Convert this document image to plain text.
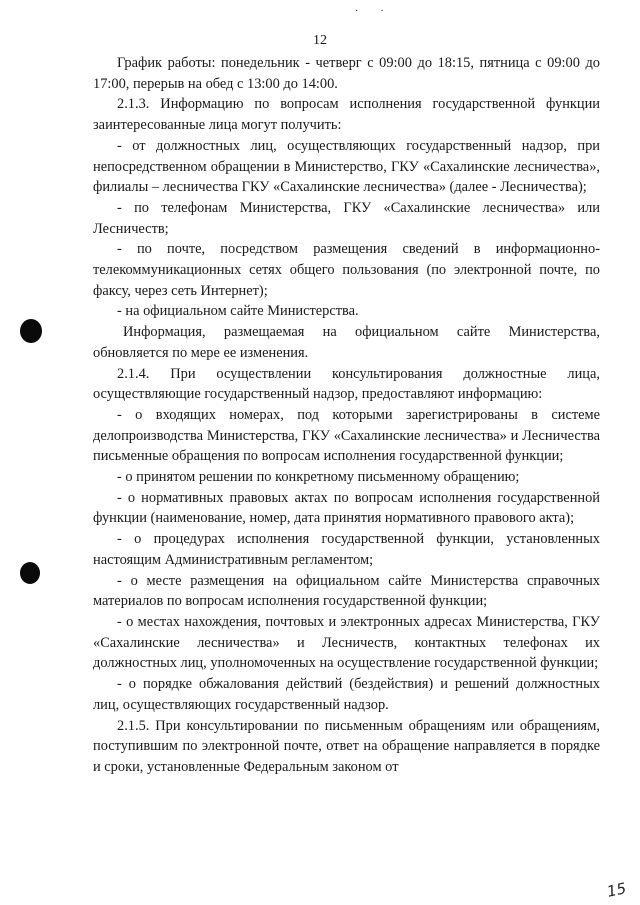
··
12

График работы: понедельник - четверг с 09:00 до 18:15, пятница с 09:00 до 17:00, перерыв на обед с 13:00 до 14:00.

2.1.3. Информацию по вопросам исполнения государственной функции заинтересованные лица могут получить:

- от должностных лиц, осуществляющих государственный надзор, при непосредственном обращении в Министерство, ГКУ «Сахалинские лесничества», филиалы – лесничества ГКУ «Сахалинские лесничества» (далее - Лесничества);

- по телефонам Министерства, ГКУ «Сахалинские лесничества» или Лесничеств;

- по почте, посредством размещения сведений в информационно-телекоммуникационных сетях общего пользования (по электронной почте, по факсу, через сеть Интернет);

- на официальном сайте Министерства.

Информация, размещаемая на официальном сайте Министерства, обновляется по мере ее изменения.

2.1.4. При осуществлении консультирования должностные лица, осуществляющие государственный надзор, предоставляют информацию:

- о входящих номерах, под которыми зарегистрированы в системе делопроизводства Министерства, ГКУ «Сахалинские лесничества» и Лесничества письменные обращения по вопросам исполнения государственной функции;

- о принятом решении по конкретному письменному обращению;

- о нормативных правовых актах по вопросам исполнения государственной функции (наименование, номер, дата принятия нормативного правового акта);

- о процедурах исполнения государственной функции, установленных настоящим Административным регламентом;

- о месте размещения на официальном сайте Министерства справочных материалов по вопросам исполнения государственной функции;

- о местах нахождения, почтовых и электронных адресах Министерства, ГКУ «Сахалинские лесничества» и Лесничеств, контактных телефонах их должностных лиц, уполномоченных на осуществление государственной функции;

- о порядке обжалования действий (бездействия) и решений должностных лиц, осуществляющих государственный надзор.

2.1.5. При консультировании по письменным обращениям или обращениям, поступившим по электронной почте, ответ на обращение направляется в порядке и сроки, установленные Федеральным законом от

15
